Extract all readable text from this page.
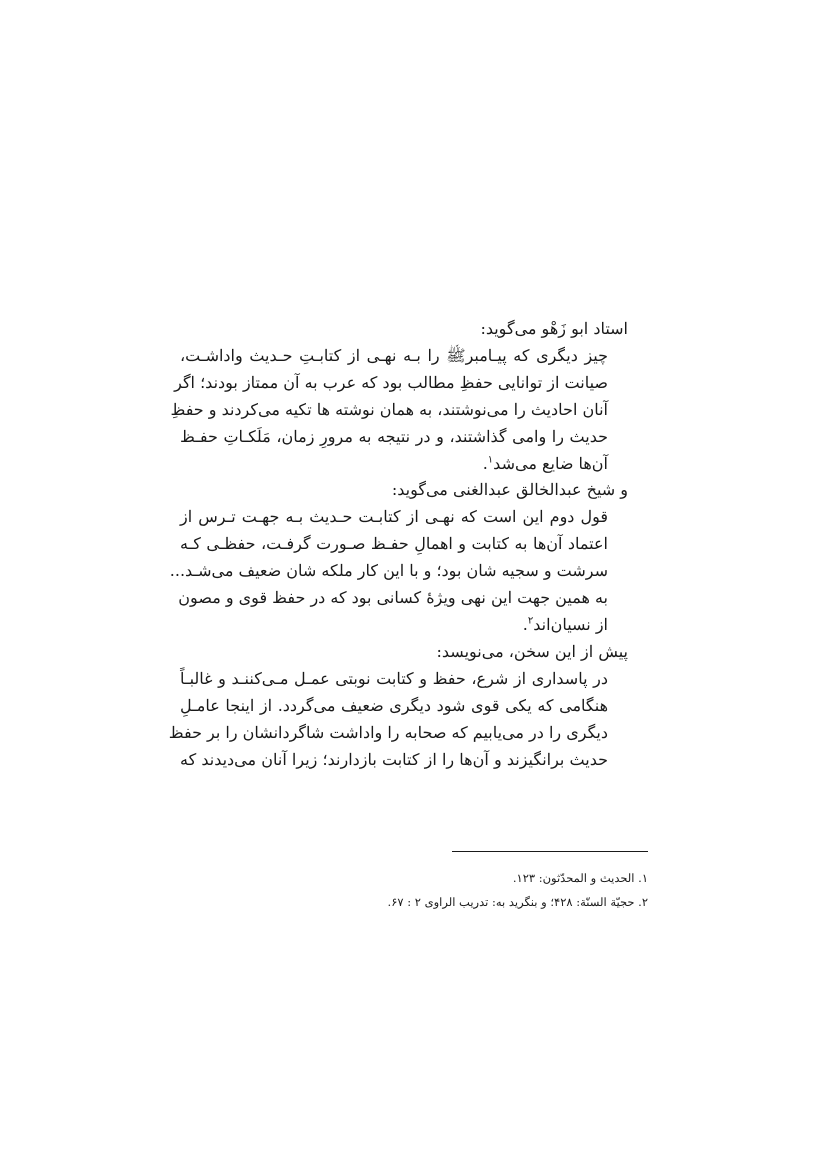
استاد ابو زَهْو می‌گوید:

چیز دیگری که پیـامبرﷺ را بـه نهـی از کتابـتِ حـدیث واداشـت،
صیانت از توانایی حفظِ مطالب بود که عرب به آن ممتاز بودند؛ اگر
آنان احادیث را می‌نوشتند، به همان نوشته ها تکیه می‌کردند و حفظِ
حدیث را وامی گذاشتند، و در نتیجه به مرورِ زمان، مَلَکـاتِ حفـظ
آن‌ها ضایع می‌شد$^۱$.

و شیخ عبدالخالق عبدالغنی می‌گوید:

قول دوم این است که نهـی از کتابـت حـدیث بـه جهـت تـرس از
اعتماد آن‌ها به کتابت و اهمالِ حفـظ صـورت گرفـت، حفظـی کـه
سرشت و سجیه شان بود؛ و با این کار ملکه شان ضعیف می‌شـد...
به همین جهت این نهی ویژۀ کسانی بود که در حفظ قوی و مصون
از نسیان‌اند$^۲$.

پیش از این سخن، می‌نویسد:

در پاسداری از شرع، حفظ و کتابت نوبتی عمـل مـی‌کننـد و غالبـاً
هنگامی که یکی قوی شود دیگری ضعیف می‌گردد. از اینجا عامـلِ
دیگری را در می‌یابیم که صحابه را واداشت شاگردانشان را بر حفظ
حدیث برانگیزند و آن‌ها را از کتابت بازدارند؛ زیرا آنان می‌دیدند که
۱. الحدیث و المحدّثون: ۱۲۳.
۲. حجیّة السنّة: ۴۲۸؛ و بنگرید به: تدریب الراوی ۲ : ۶۷.
